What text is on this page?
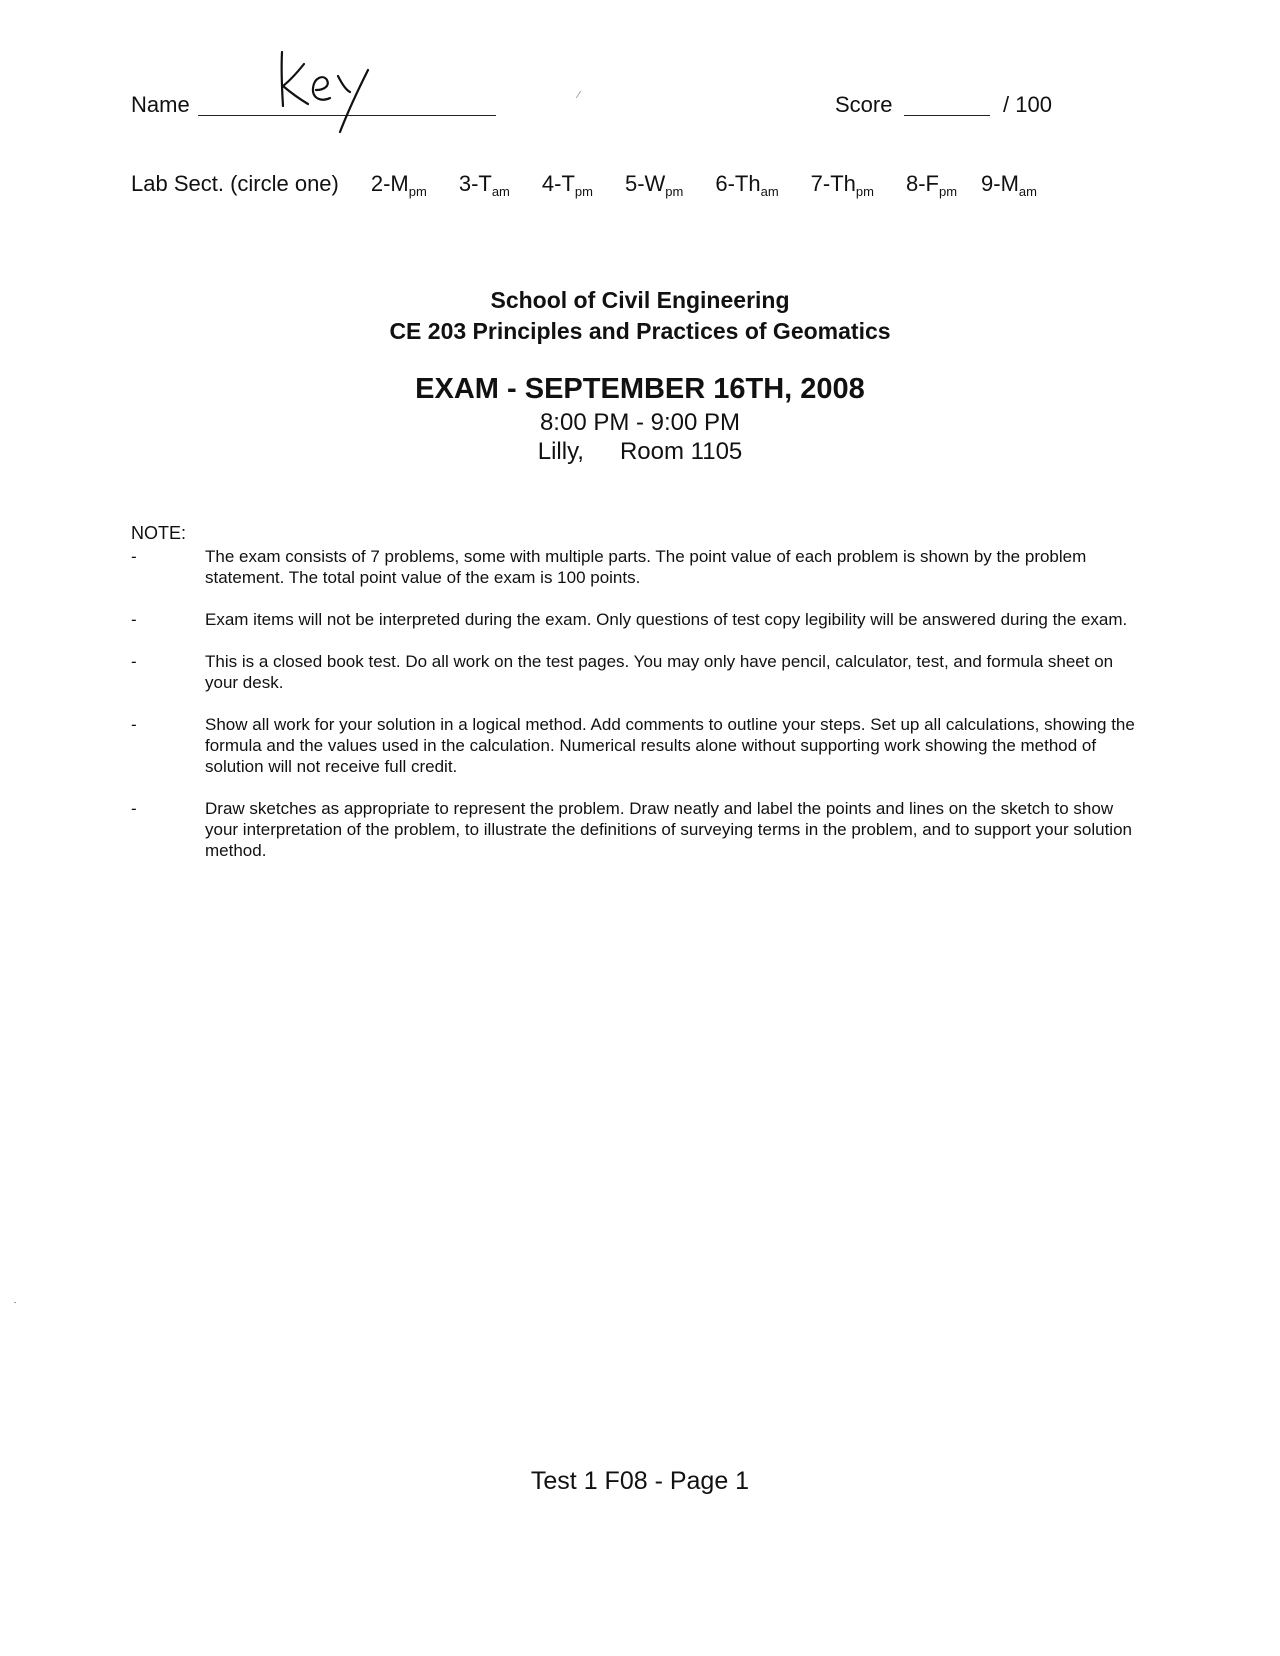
Name	⁄	Score	/ 100
Lab Sect. (circle one) $2-M_{pm}$ $3-T_{am}$ $4-T_{pm}$ $5-W_{pm}$ $6-Th_{am}$ $7-Th_{pm}$ $8-F_{pm}$ $9-M_{am}$
School of Civil Engineering
CE 203 Principles and Practices of Geomatics
EXAM - SEPTEMBER 16TH, 2008
8:00 PM - 9:00 PM
Lilly, Room 1105
NOTE:
-	The exam consists of 7 problems, some with multiple parts. The point value of each problem is shown by the problem statement. The total point value of the exam is 100 points.
-	Exam items will not be interpreted during the exam. Only questions of test copy legibility will be answered during the exam.
-	This is a closed book test. Do all work on the test pages. You may only have pencil, calculator, test, and formula sheet on your desk.
-	Show all work for your solution in a logical method. Add comments to outline your steps. Set up all calculations, showing the formula and the values used in the calculation. Numerical results alone without supporting work showing the method of solution will not receive full credit.
-	Draw sketches as appropriate to represent the problem. Draw neatly and label the points and lines on the sketch to show your interpretation of the problem, to illustrate the definitions of surveying terms in the problem, and to support your solution method.
Test 1 F08 - Page 1
